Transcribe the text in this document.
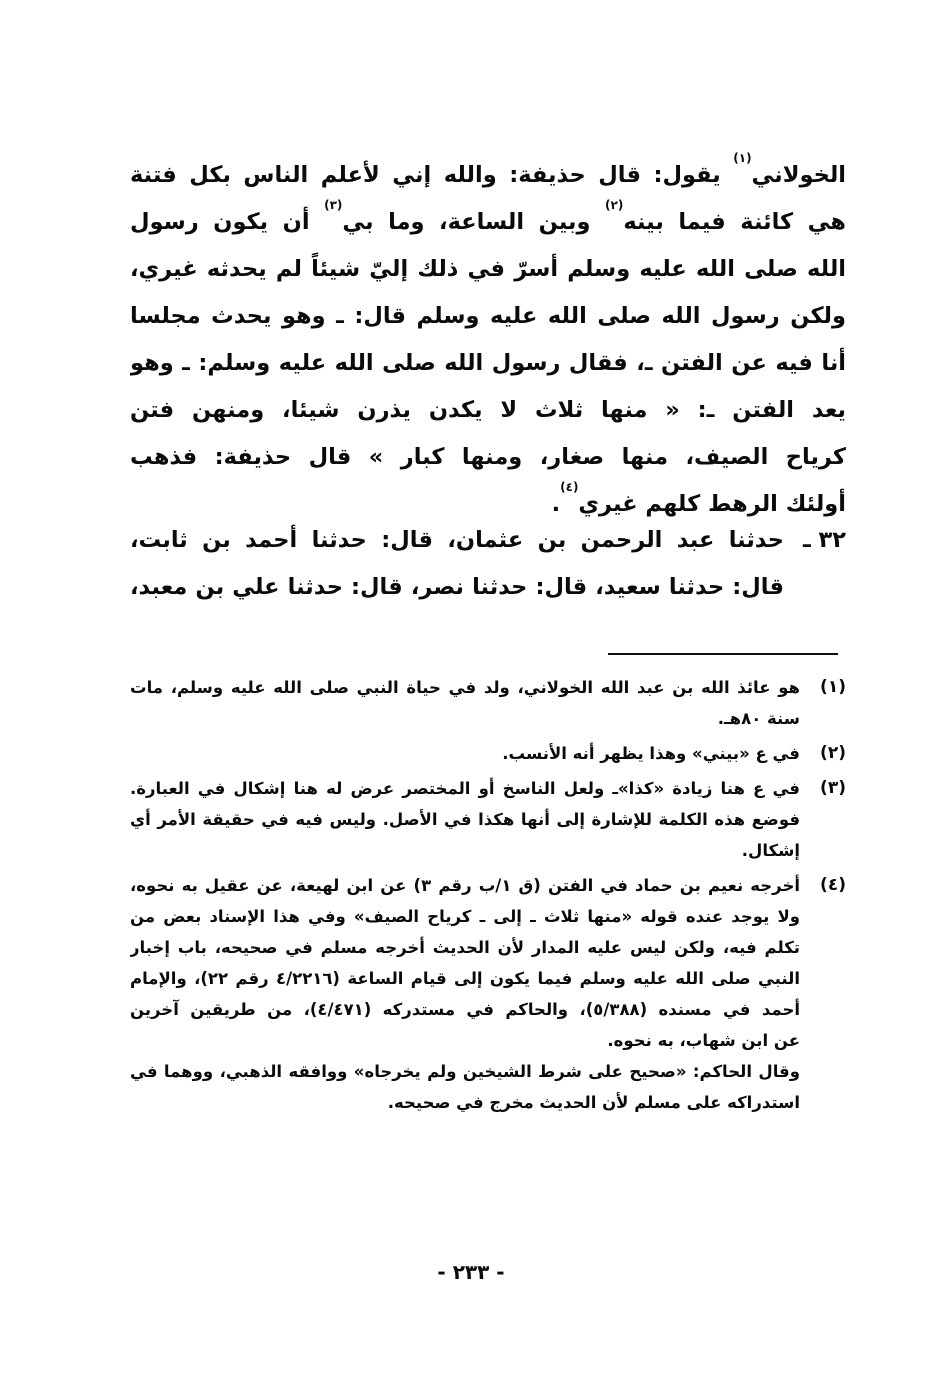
الخولاني$^{(١)}$ يقول: قال حذيفة: والله إني لأعلم الناس بكل فتنة
هي كائنة فيما بينه$^{(٢)}$ وبين الساعة، وما بي$^{(٣)}$ أن يكون رسول
الله صلى الله عليه وسلم أسرّ في ذلك إليّ شيئاً لم يحدثه غيري،
ولكن رسول الله صلى الله عليه وسلم قال: ـ وهو يحدث مجلسا
أنا فيه عن الفتن ـ، فقال رسول الله صلى الله عليه وسلم: ـ وهو
يعد الفتن ـ: « منها ثلاث لا يكدن يذرن شيئا، ومنهن فتن
كرياح الصيف، منها صغار، ومنها كبار » قال حذيفة: فذهب
أولئك الرهط كلهم غيري$^{(٤)}$.
٣٢ ـ
حدثنا عبد الرحمن بن عثمان، قال: حدثنا أحمد بن ثابت،
قال: حدثنا سعيد، قال: حدثنا نصر، قال: حدثنا علي بن معبد،
(١)
هو عائذ الله بن عبد الله الخولاني، ولد في حياة النبي صلى الله عليه وسلم، مات
سنة ٨٠هـ.
(٢)
في ع «بيني» وهذا يظهر أنه الأنسب.
(٣)
في ع هنا زيادة «كذا»ـ ولعل الناسخ أو المختصر عرض له هنا إشكال في العبارة.
فوضع هذه الكلمة للإشارة إلى أنها هكذا في الأصل. وليس فيه في حقيقة الأمر أي
إشكال.
(٤)
أخرجه نعيم بن حماد في الفتن (ق ١/ب رقم ٣) عن ابن لهيعة، عن عقيل به نحوه،
ولا يوجد عنده قوله «منها ثلاث ـ إلى ـ كرياح الصيف» وفي هذا الإسناد بعض من
تكلم فيه، ولكن ليس عليه المدار لأن الحديث أخرجه مسلم في صحيحه، باب إخبار
النبي صلى الله عليه وسلم فيما يكون إلى قيام الساعة (٤/٢٢١٦ رقم ٢٢)، والإمام
أحمد في مسنده (٥/٣٨٨)، والحاكم في مستدركه (٤/٤٧١)، من طريقين آخرين
عن ابن شهاب، به نحوه.
وقال الحاكم: «صحيح على شرط الشيخين ولم يخرجاه» ووافقه الذهبي، ووهما في
استدراكه على مسلم لأن الحديث مخرج في صحيحه.
- ٢٣٣ -
